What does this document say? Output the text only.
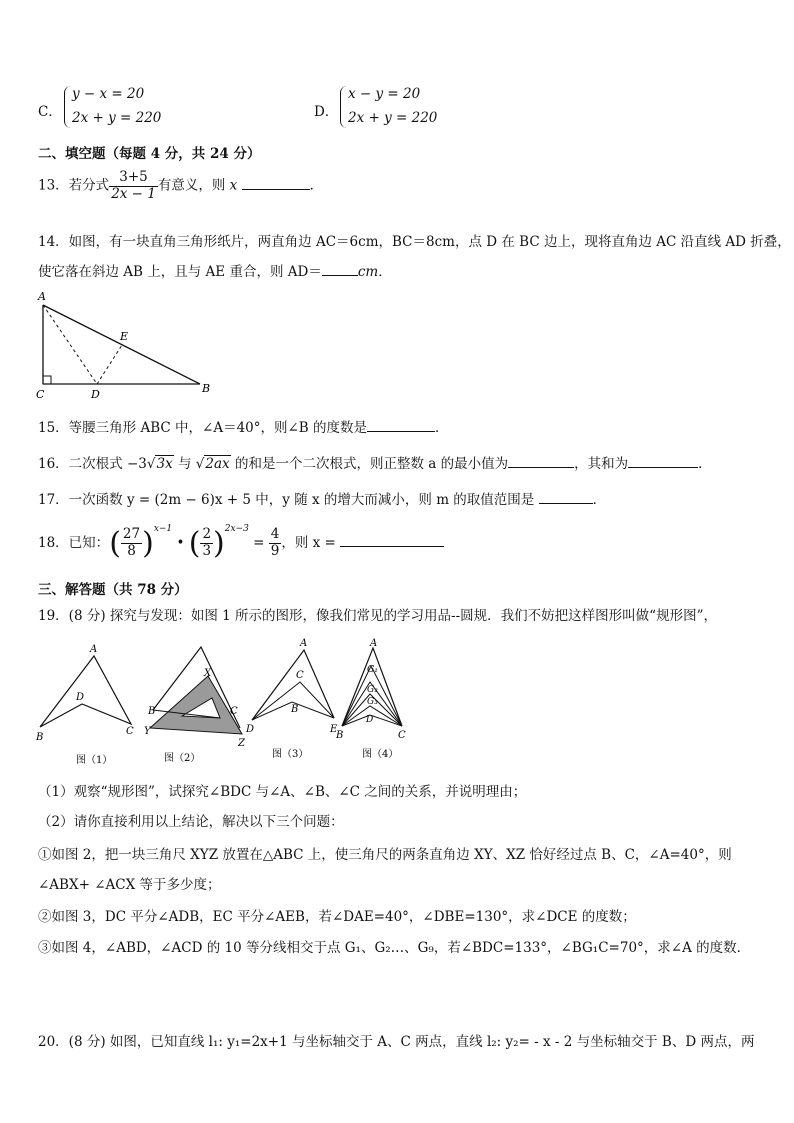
C．
y − x = 20
2x + y = 220	D．
x − y = 20
2x + y = 220
二、填空题（每题 4 分，共 24 分）
13．若分式 $\frac{3+5}{2x - 1}$ 有意义，则 x	．
14．如图，有一块直角三角形纸片，两直角边 AC＝6cm，BC＝8cm，点 D 在 BC 边上，现将直角边 AC 沿直线 AD 折叠，
使它落在斜边 AB 上，且与 AE 重合，则 AD＝	cm．
A
E
C	D	B
15．等腰三角形 ABC 中，∠A＝40°，则∠B 的度数是	．
16．二次根式 −3√3x 与 √2ax 的和是一个二次根式，则正整数 a 的最小值为	，其和为	．
17．一次函数 y = (2m − 6)x + 5 中，y 随 x 的增大而减小，则 m 的取值范围是	．
18．已知：( $\frac{27}{8} )^{x-1}$ • ( $\frac{2}{3} )^{2x-3} = \frac{4}{9}$ ，则 x =
三、解答题（共 78 分）
19．(8 分) 探究与发现：如图 1 所示的图形，像我们常见的学习用品--圆规．我们不妨把这样图形叫做“规形图”，
A
D
B
C
图（1）
X
B	C
Y
Z
图（2）
A
C
B
D	E
图（3）
A
G₁
G₂
G₃
D
B	C
图（4）
（1）观察“规形图”，试探究∠BDC 与∠A、∠B、∠C 之间的关系，并说明理由；
（2）请你直接利用以上结论，解决以下三个问题：
①如图 2，把一块三角尺 XYZ 放置在△ABC 上，使三角尺的两条直角边 XY、XZ 恰好经过点 B、C，∠A=40°，则
∠ABX+ ∠ACX 等于多少度；
②如图 3，DC 平分∠ADB，EC 平分∠AEB，若∠DAE=40°，∠DBE=130°，求∠DCE 的度数；
③如图 4，∠ABD，∠ACD 的 10 等分线相交于点 G₁、G₂…、G₉，若∠BDC=133°，∠BG₁C=70°，求∠A 的度数．
20．(8 分) 如图，已知直线 l₁: y₁=2x+1 与坐标轴交于 A、C 两点，直线 l₂: y₂= - x - 2 与坐标轴交于 B、D 两点，两
